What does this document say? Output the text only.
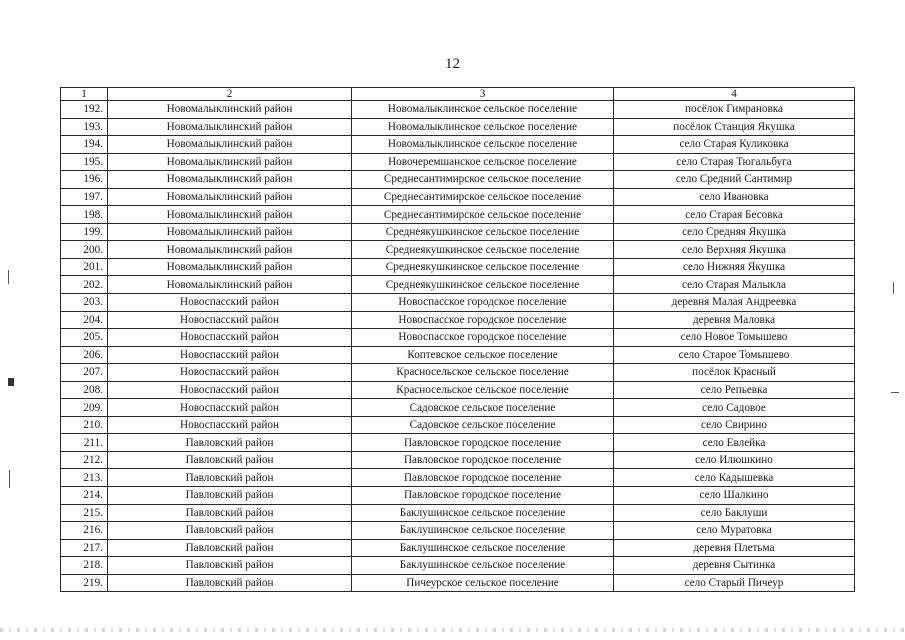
12
1	2	3	4
192.	Новомалыклинский район	Новомалыклинское сельское поселение	посёлок Гимрановка
193.	Новомалыклинский район	Новомалыклинское сельское поселение	посёлок Станция Якушка
194.	Новомалыклинский район	Новомалыклинское сельское поселение	село Старая Куликовка
195.	Новомалыклинский район	Новочеремшанское сельское поселение	село Старая Тюгальбуга
196.	Новомалыклинский район	Среднесантимирское сельское поселение	село Средний Сантимир
197.	Новомалыклинский район	Среднесантимирское сельское поселение	село Ивановка
198.	Новомалыклинский район	Среднесантимирское сельское поселение	село Старая Бесовка
199.	Новомалыклинский район	Среднеякушкинское сельское поселение	село Средняя Якушка
200.	Новомалыклинский район	Среднеякушкинское сельское поселение	село Верхняя Якушка
201.	Новомалыклинский район	Среднеякушкинское сельское поселение	село Нижняя Якушка
202.	Новомалыклинский район	Среднеякушкинское сельское поселение	село Старая Малыкла
203.	Новоспасский район	Новоспасское городское поселение	деревня Малая Андреевка
204.	Новоспасский район	Новоспасское городское поселение	деревня Маловка
205.	Новоспасский район	Новоспасское городское поселение	село Новое Томышево
206.	Новоспасский район	Коптевское сельское поселение	село Старое Томышево
207.	Новоспасский район	Красносельское сельское поселение	посёлок Красный
208.	Новоспасский район	Красносельское сельское поселение	село Репьевка
209.	Новоспасский район	Садовское сельское поселение	село Садовое
210.	Новоспасский район	Садовское сельское поселение	село Свирино
211.	Павловский район	Павловское городское поселение	село Евлейка
212.	Павловский район	Павловское городское поселение	село Илюшкино
213.	Павловский район	Павловское городское поселение	село Кадышевка
214.	Павловский район	Павловское городское поселение	село Шалкино
215.	Павловский район	Баклушинское сельское поселение	село Баклуши
216.	Павловский район	Баклушинское сельское поселение	село Муратовка
217.	Павловский район	Баклушинское сельское поселение	деревня Плетьма
218.	Павловский район	Баклушинское сельское поселение	деревня Сытинка
219.	Павловский район	Пичеурское сельское поселение	село Старый Пичеур
